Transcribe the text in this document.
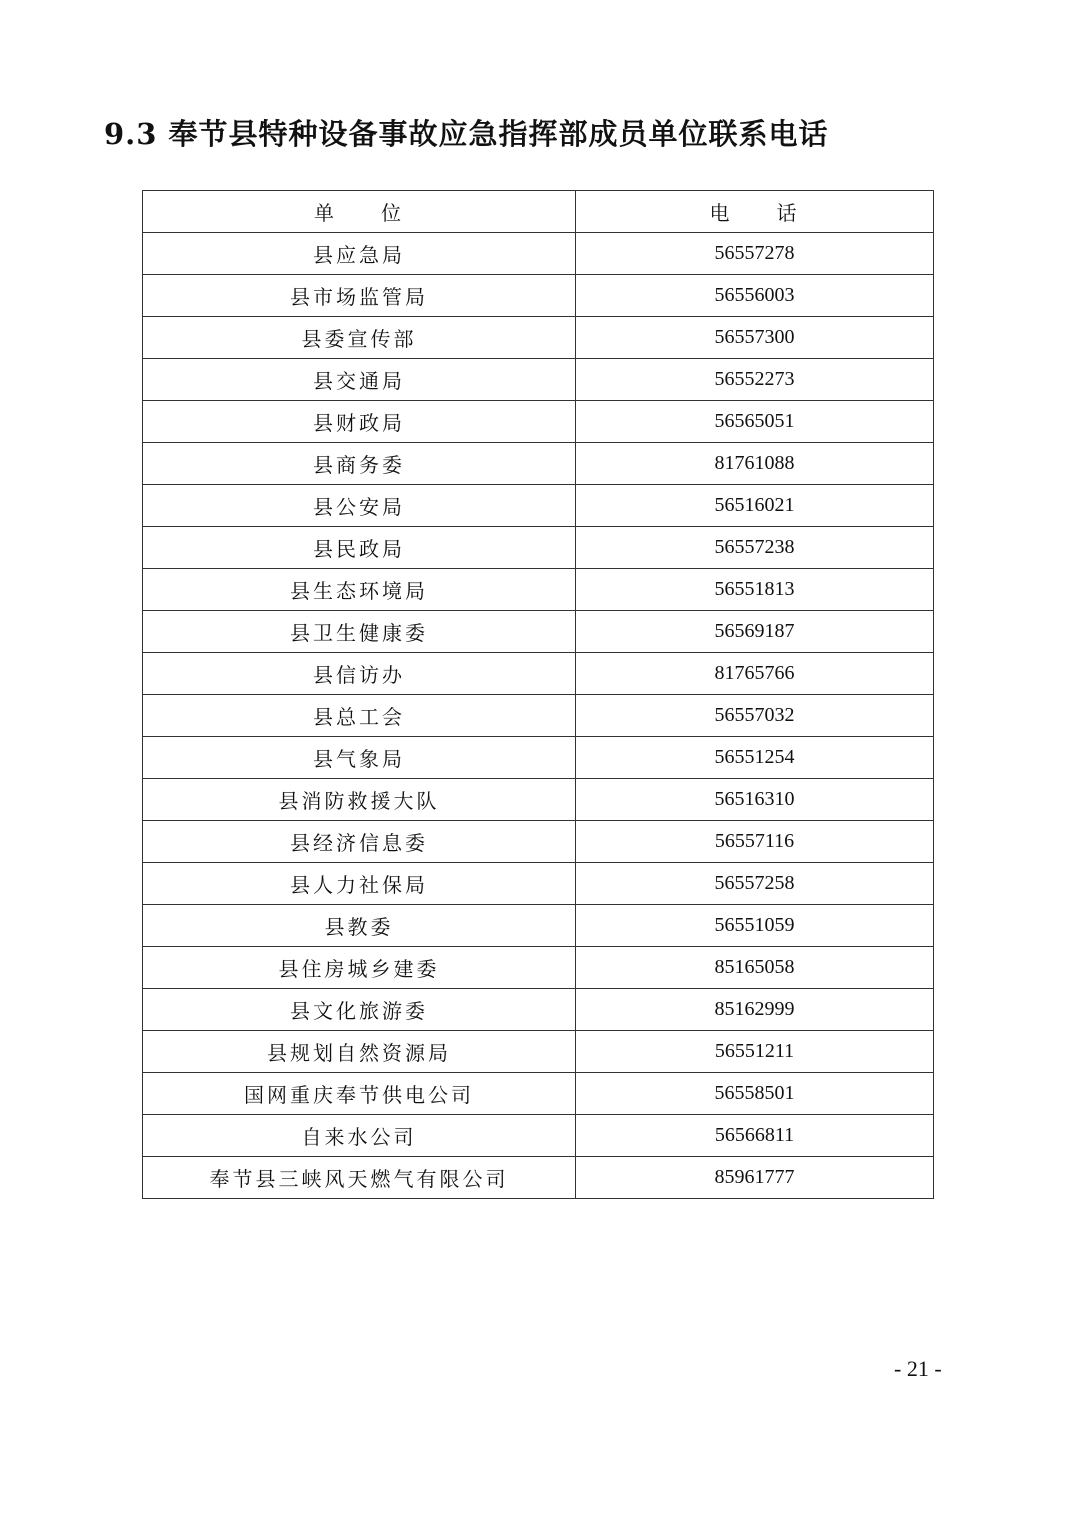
9.3 奉节县特种设备事故应急指挥部成员单位联系电话
单 位	电 话
县应急局	56557278
县市场监管局	56556003
县委宣传部	56557300
县交通局	56552273
县财政局	56565051
县商务委	81761088
县公安局	56516021
县民政局	56557238
县生态环境局	56551813
县卫生健康委	56569187
县信访办	81765766
县总工会	56557032
县气象局	56551254
县消防救援大队	56516310
县经济信息委	56557116
县人力社保局	56557258
县教委	56551059
县住房城乡建委	85165058
县文化旅游委	85162999
县规划自然资源局	56551211
国网重庆奉节供电公司	56558501
自来水公司	56566811
奉节县三峡风天燃气有限公司	85961777
- 21 -
